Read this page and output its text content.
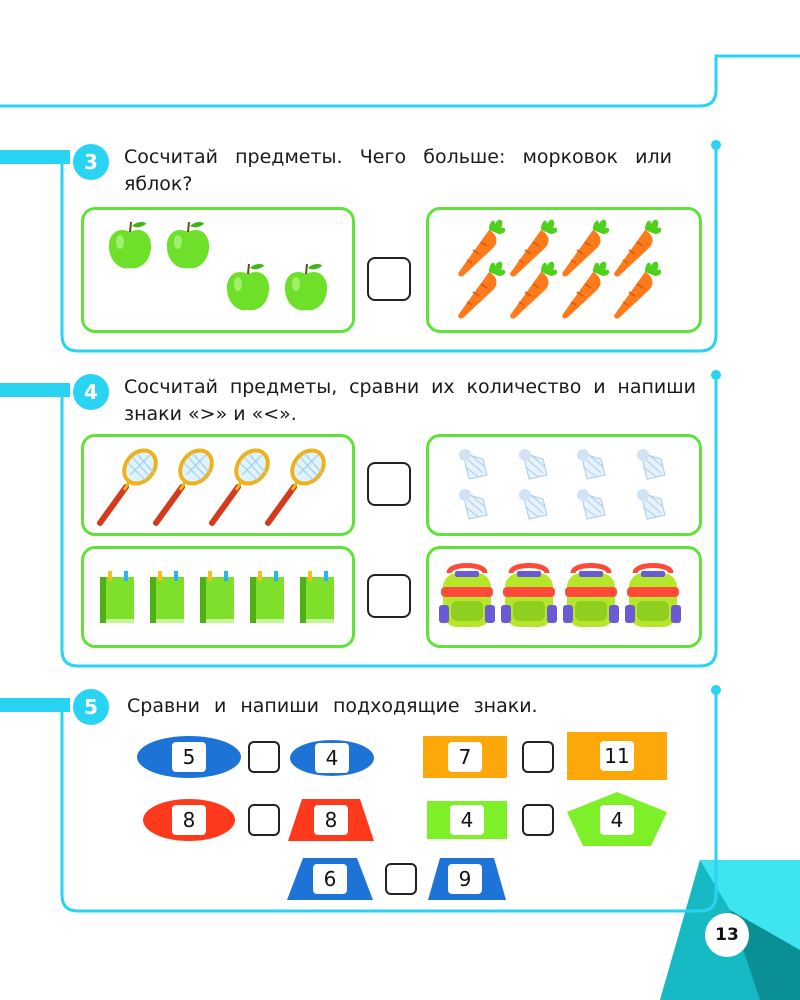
13
3 Сосчитай предметы. Чего больше: морковок или яблок?
4 Сосчитай предметы, сравни их количество и напиши знаки «>» и «<».
5 Сравни и напиши подходящие знаки.
5	4	7	11
8	8	4	4
6	9
